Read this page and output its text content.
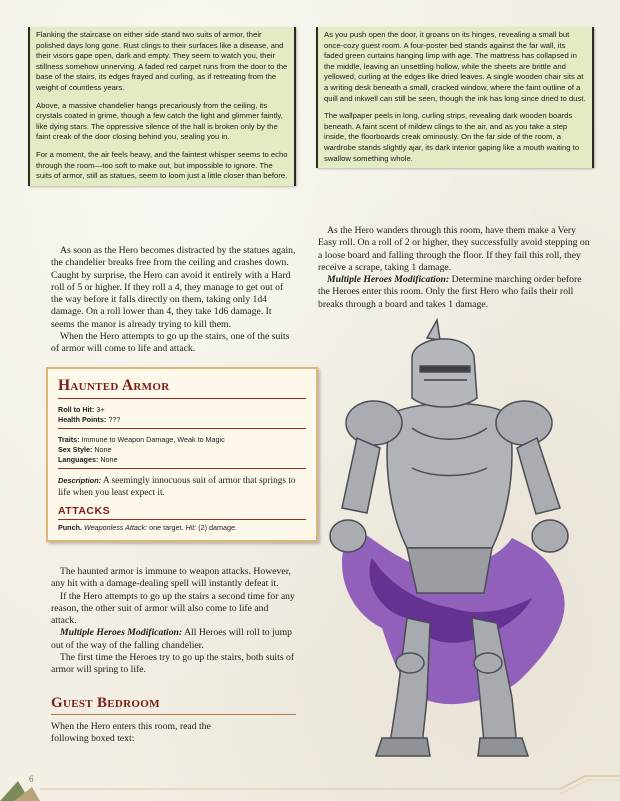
Flanking the staircase on either side stand two suits of armor, their polished days long gone. Rust clings to their surfaces like a disease, and their visors gape open, dark and empty. They seem to watch you, their stillness somehow unnerving. A faded red carpet runs from the door to the base of the stairs, its edges frayed and curling, as if retreating from the weight of countless years.

Above, a massive chandelier hangs precariously from the ceiling, its crystals coated in grime, though a few catch the light and glimmer faintly, like dying stars. The oppressive silence of the hall is broken only by the faint creak of the door closing behind you, sealing you in.

For a moment, the air feels heavy, and the faintest whisper seems to echo through the room—too soft to make out, but impossible to ignore. The suits of armor, still as statues, seem to loom just a little closer than before.

As soon as the Hero becomes distracted by the statues again, the chandelier breaks free from the ceiling and crashes down. Caught by surprise, the Hero can avoid it entirely with a Hard roll of 5 or higher. If they roll a 4, they manage to get out of the way before it falls directly on them, taking only 1d4 damage. On a roll lower than 4, they take 1d6 damage. It seems the manor is already trying to kill them.

When the Hero attempts to go up the stairs, one of the suits of armor will come to life and attack.

Haunted Armor
Roll to Hit: 3+
Health Points: ???
Traits: Immune to Weapon Damage, Weak to Magic
Sex Style: None
Languages: None
Description: A seemingly innocuous suit of armor that springs to life when you least expect it.
ATTACKS
Punch. Weaponless Attack: one target. Hit: (2) damage.

The haunted armor is immune to weapon attacks. However, any hit with a damage-dealing spell will instantly defeat it.

If the Hero attempts to go up the stairs a second time for any reason, the other suit of armor will also come to life and attack.

Multiple Heroes Modification: All Heroes will roll to jump out of the way of the falling chandelier.

The first time the Heroes try to go up the stairs, both suits of armor will spring to life.

Guest Bedroom

When the Hero enters this room, read the following boxed text:

As you push open the door, it groans on its hinges, revealing a small but once-cozy guest room. A four-poster bed stands against the far wall, its faded green curtains hanging limp with age. The mattress has collapsed in the middle, leaving an unsettling hollow, while the sheets are brittle and yellowed, curling at the edges like dried leaves. A single wooden chair sits at a writing desk beneath a small, cracked window, where the faint outline of a quill and inkwell can still be seen, though the ink has long since dried to dust.

The wallpaper peels in long, curling strips, revealing dark wooden boards beneath. A faint scent of mildew clings to the air, and as you take a step inside, the floorboards creak ominously. On the far side of the room, a wardrobe stands slightly ajar, its dark interior gaping like a mouth waiting to swallow something whole.

As the Hero wanders through this room, have them make a Very Easy roll. On a roll of 2 or higher, they successfully avoid stepping on a loose board and falling through the floor. If they fail this roll, they receive a scrape, taking 1 damage.

Multiple Heroes Modification: Determine marching order before the Heroes enter this room. Only the first Hero who fails their roll breaks through a board and takes 1 damage.

6
